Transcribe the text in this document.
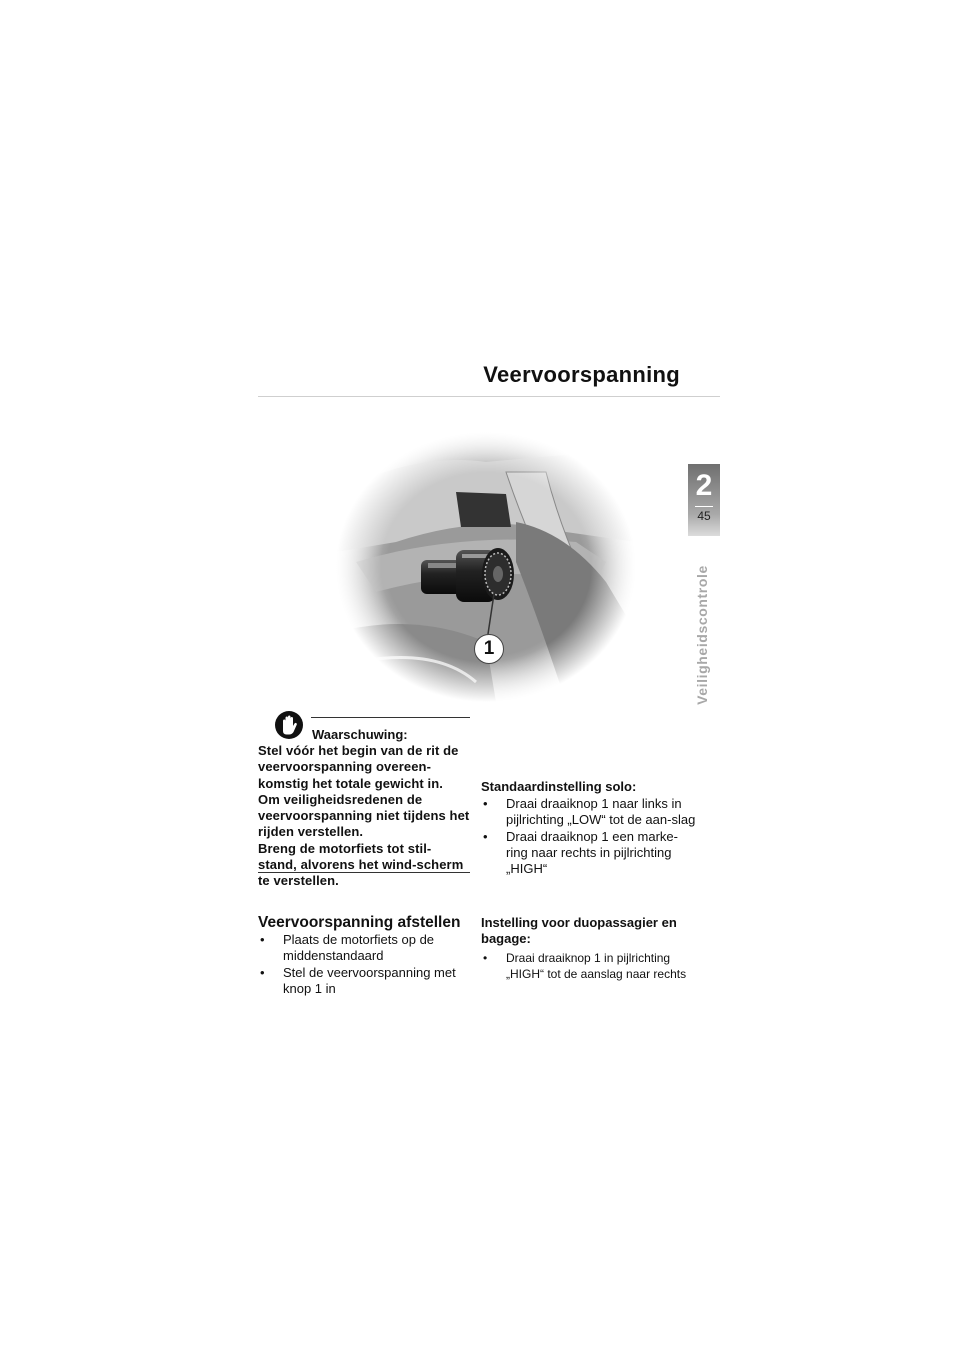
Veervoorspanning
2
45
Veiligheidscontrole
1
Waarschuwing:

Stel vóór het begin van de rit de veervoorspanning overeen-komstig het totale gewicht in.

Om veiligheidsredenen de veervoorspanning niet tijdens het rijden verstellen.

Breng de motorfiets tot stil-stand, alvorens het wind-scherm te verstellen.

Veervoorspanning afstellen
• Plaats de motorfiets op de middenstandaard
• Stel de veervoorspanning met knop 1 in
Standaardinstelling solo:
• Draai draaiknop 1 naar links in pijlrichting „LOW“ tot de aan-slag
• Draai draaiknop 1 een marke-ring naar rechts in pijlrichting „HIGH“
Instelling voor duopassagier en bagage:
• Draai draaiknop 1 in pijlrichting „HIGH“ tot de aanslag naar rechts
